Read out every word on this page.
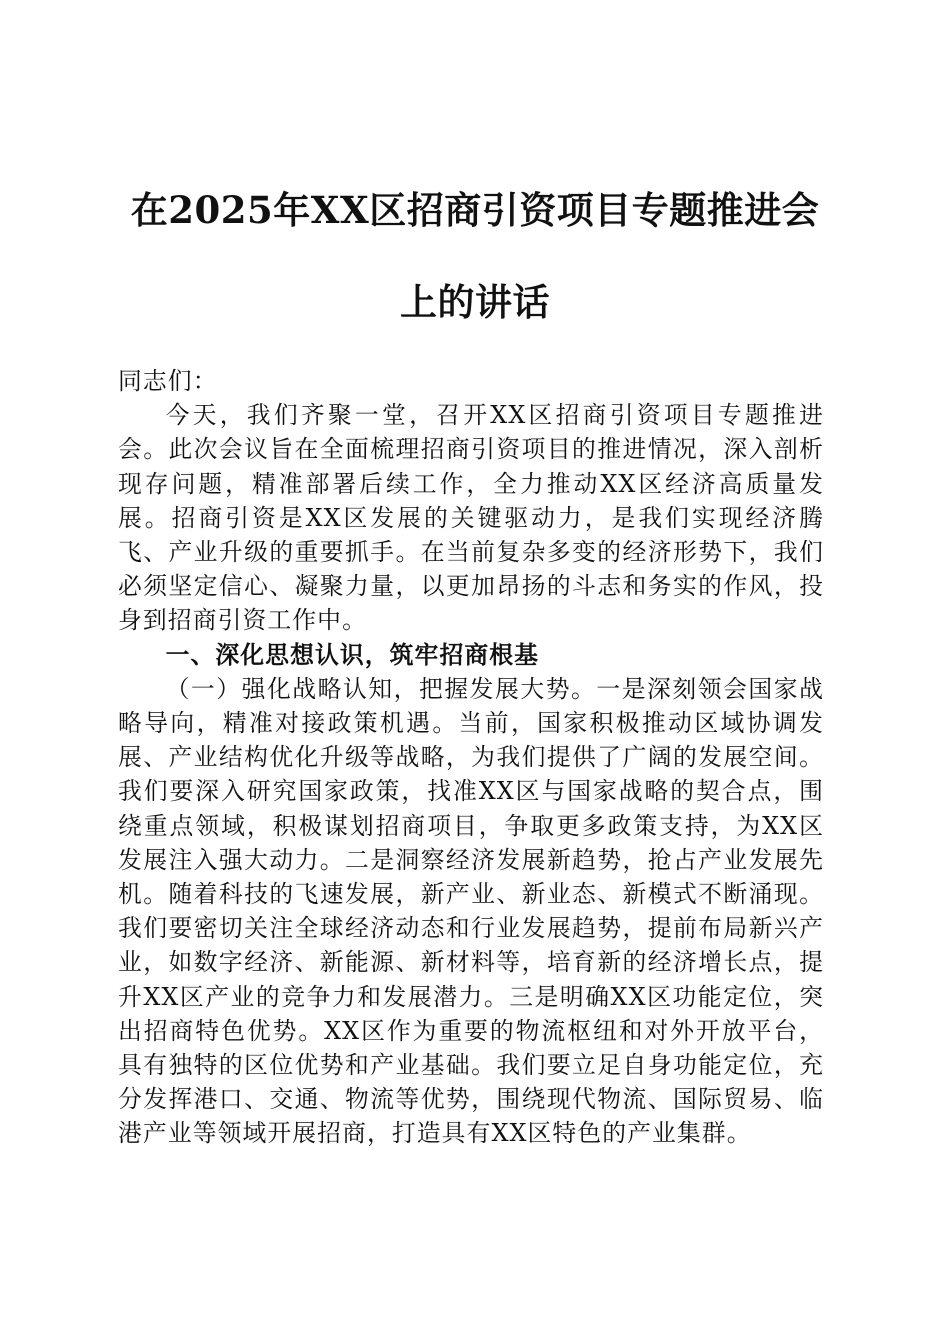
在2025年XX区招商引资项目专题推进会上的讲话

同志们：

今天，我们齐聚一堂，召开XX区招商引资项目专题推进会。此次会议旨在全面梳理招商引资项目的推进情况，深入剖析现存问题，精准部署后续工作，全力推动XX区经济高质量发展。招商引资是XX区发展的关键驱动力，是我们实现经济腾飞、产业升级的重要抓手。在当前复杂多变的经济形势下，我们必须坚定信心、凝聚力量，以更加昂扬的斗志和务实的作风，投身到招商引资工作中。

一、深化思想认识，筑牢招商根基

（一）强化战略认知，把握发展大势。一是深刻领会国家战略导向，精准对接政策机遇。当前，国家积极推动区域协调发展、产业结构优化升级等战略，为我们提供了广阔的发展空间。我们要深入研究国家政策，找准XX区与国家战略的契合点，围绕重点领域，积极谋划招商项目，争取更多政策支持，为XX区发展注入强大动力。二是洞察经济发展新趋势，抢占产业发展先机。随着科技的飞速发展，新产业、新业态、新模式不断涌现。我们要密切关注全球经济动态和行业发展趋势，提前布局新兴产业，如数字经济、新能源、新材料等，培育新的经济增长点，提升XX区产业的竞争力和发展潜力。三是明确XX区功能定位，突出招商特色优势。XX区作为重要的物流枢纽和对外开放平台，具有独特的区位优势和产业基础。我们要立足自身功能定位，充分发挥港口、交通、物流等优势，围绕现代物流、国际贸易、临港产业等领域开展招商，打造具有XX区特色的产业集群。
